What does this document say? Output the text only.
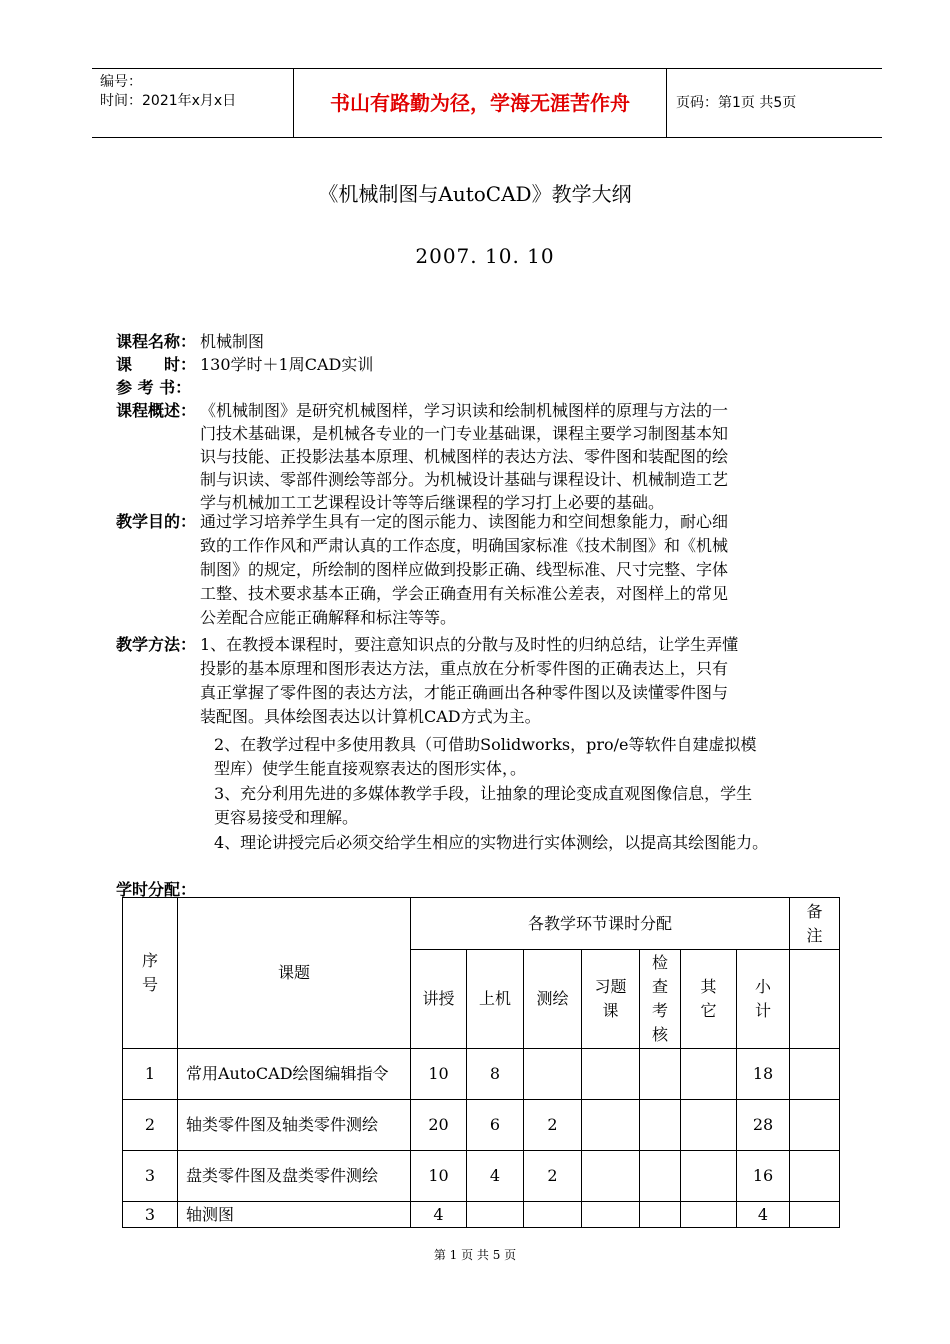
编号：
时间：2021年x月x日	书山有路勤为径，学海无涯苦作舟	页码：第1页 共5页
《机械制图与AutoCAD》教学大纲
2007. 10. 10
课程名称： 机械制图
课　　时： 130学时＋1周CAD实训
参 考 书：
课程概述： 《机械制图》是研究机械图样，学习识读和绘制机械图样的原理与方法的一
门技术基础课，是机械各专业的一门专业基础课，课程主要学习制图基本知
识与技能、正投影法基本原理、机械图样的表达方法、零件图和装配图的绘
制与识读、零部件测绘等部分。为机械设计基础与课程设计、机械制造工艺
学与机械加工工艺课程设计等等后继课程的学习打上必要的基础。
教学目的： 通过学习培养学生具有一定的图示能力、读图能力和空间想象能力，耐心细
致的工作作风和严肃认真的工作态度，明确国家标准《技术制图》和《机械
制图》的规定，所绘制的图样应做到投影正确、线型标准、尺寸完整、字体
工整、技术要求基本正确，学会正确查用有关标准公差表，对图样上的常见
公差配合应能正确解释和标注等等。
教学方法： 1、在教授本课程时，要注意知识点的分散与及时性的归纳总结，让学生弄懂
投影的基本原理和图形表达方法，重点放在分析零件图的正确表达上，只有
真正掌握了零件图的表达方法，才能正确画出各种零件图以及读懂零件图与
装配图。具体绘图表达以计算机CAD方式为主。
2、在教学过程中多使用教具（可借助Solidworks，pro/e等软件自建虚拟模
型库）使学生能直接观察表达的图形实体，。
3、充分利用先进的多媒体教学手段，让抽象的理论变成直观图像信息，学生
更容易接受和理解。
4、理论讲授完后必须交给学生相应的实物进行实体测绘，以提高其绘图能力。
学时分配：
序号	课题	各教学环节课时分配							备注
		讲授	上机	测绘	习题课	检查考核	其它	小计	
1	常用AutoCAD绘图编辑指令	10	8					18	
2	轴类零件图及轴类零件测绘	20	6	2				28	
3	盘类零件图及盘类零件测绘	10	4	2				16	
3	轴测图	4						4	
第 1 页 共 5 页
